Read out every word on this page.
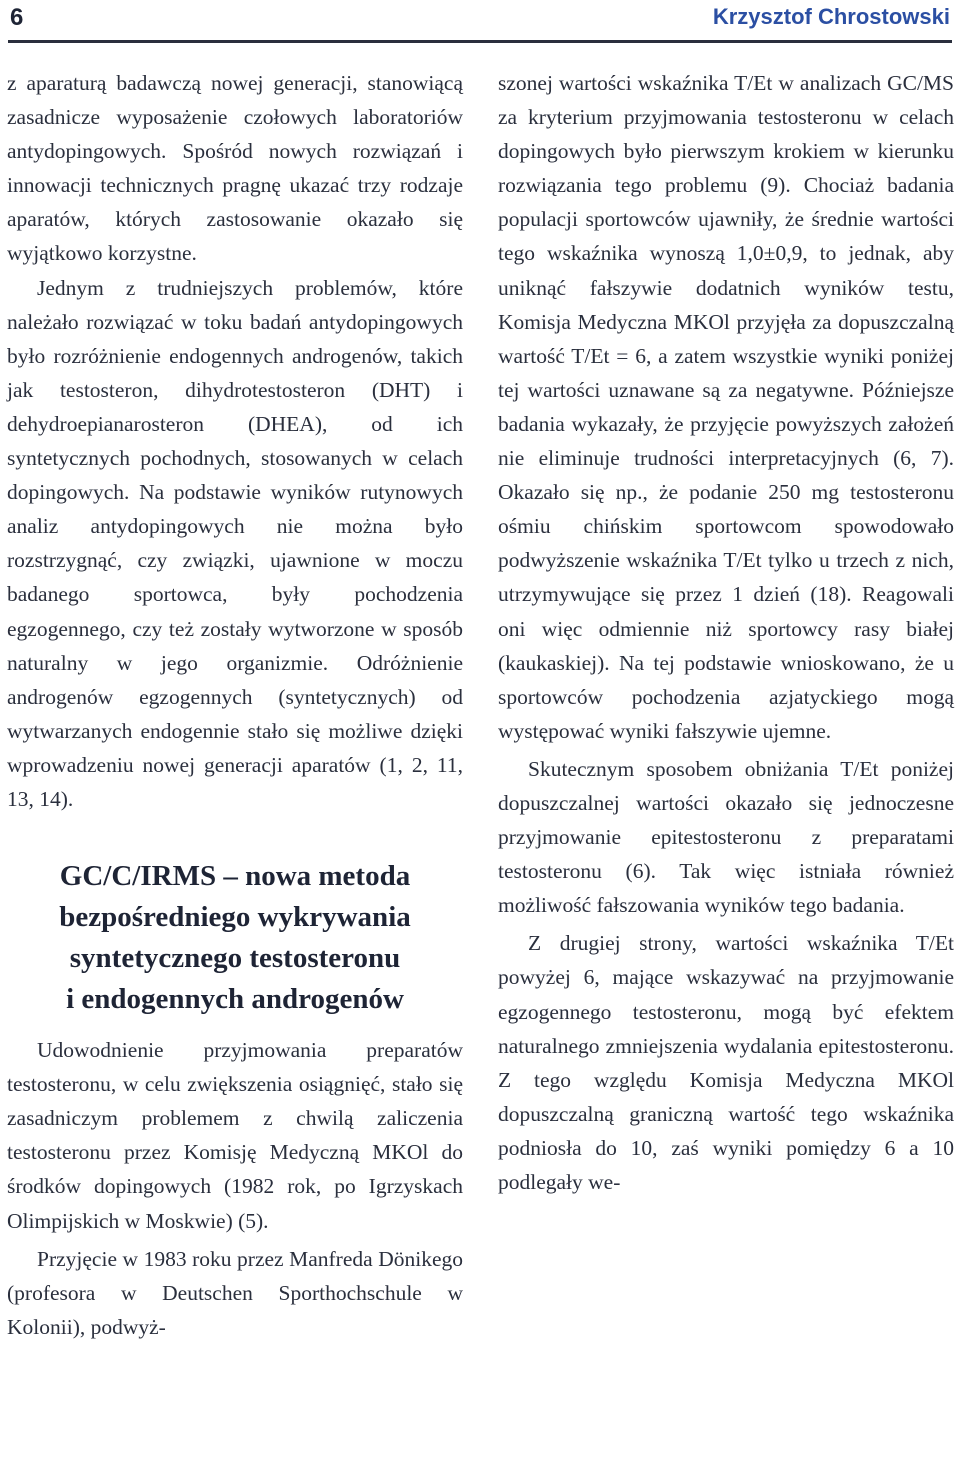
6	Krzysztof Chrostowski

z aparaturą badawczą nowej generacji, stanowiącą zasadnicze wyposażenie czołowych laboratoriów antydopingowych. Spośród nowych rozwiązań i innowacji technicznych pragnę ukazać trzy rodzaje aparatów, których zastosowanie okazało się wyjątkowo korzystne.

Jednym z trudniejszych problemów, które należało rozwiązać w toku badań antydopingowych było rozróżnienie endogennych androgenów, takich jak testosteron, dihydrotestosteron (DHT) i dehydroepianarosteron (DHEA), od ich syntetycznych pochodnych, stosowanych w celach dopingowych. Na podstawie wyników rutynowych analiz antydopingowych nie można było rozstrzygnąć, czy związki, ujawnione w moczu badanego sportowca, były pochodzenia egzogennego, czy też zostały wytworzone w sposób naturalny w jego organizmie. Odróżnienie androgenów egzogennych (syntetycznych) od wytwarzanych endogennie stało się możliwe dzięki wprowadzeniu nowej generacji aparatów (1, 2, 11, 13, 14).

GC/C/IRMS – nowa metoda
bezpośredniego wykrywania
syntetycznego testosteronu
i endogennych androgenów

Udowodnienie przyjmowania preparatów testosteronu, w celu zwiększenia osiągnięć, stało się zasadniczym problemem z chwilą zaliczenia testosteronu przez Komisję Medyczną MKOl do środków dopingowych (1982 rok, po Igrzyskach Olimpijskich w Moskwie) (5).

Przyjęcie w 1983 roku przez Manfreda Dönikego (profesora w Deutschen Sporthochschule w Kolonii), podwyż-

szonej wartości wskaźnika T/Et w analizach GC/MS za kryterium przyjmowania testosteronu w celach dopingowych było pierwszym krokiem w kierunku rozwiązania tego problemu (9). Chociaż badania populacji sportowców ujawniły, że średnie wartości tego wskaźnika wynoszą 1,0±0,9, to jednak, aby uniknąć fałszywie dodatnich wyników testu, Komisja Medyczna MKOl przyjęła za dopuszczalną wartość T/Et = 6, a zatem wszystkie wyniki poniżej tej wartości uznawane są za negatywne. Późniejsze badania wykazały, że przyjęcie powyższych założeń nie eliminuje trudności interpretacyjnych (6, 7). Okazało się np., że podanie 250 mg testosteronu ośmiu chińskim sportowcom spowodowało podwyższenie wskaźnika T/Et tylko u trzech z nich, utrzymywujące się przez 1 dzień (18). Reagowali oni więc odmiennie niż sportowcy rasy białej (kaukaskiej). Na tej podstawie wnioskowano, że u sportowców pochodzenia azjatyckiego mogą występować wyniki fałszywie ujemne.

Skutecznym sposobem obniżania T/Et poniżej dopuszczalnej wartości okazało się jednoczesne przyjmowanie epitestosteronu z preparatami testosteronu (6). Tak więc istniała również możliwość fałszowania wyników tego badania.

Z drugiej strony, wartości wskaźnika T/Et powyżej 6, mające wskazywać na przyjmowanie egzogennego testosteronu, mogą być efektem naturalnego zmniejszenia wydalania epitestosteronu. Z tego względu Komisja Medyczna MKOl dopuszczalną graniczną wartość tego wskaźnika podniosła do 10, zaś wyniki pomiędzy 6 a 10 podlegały we-
